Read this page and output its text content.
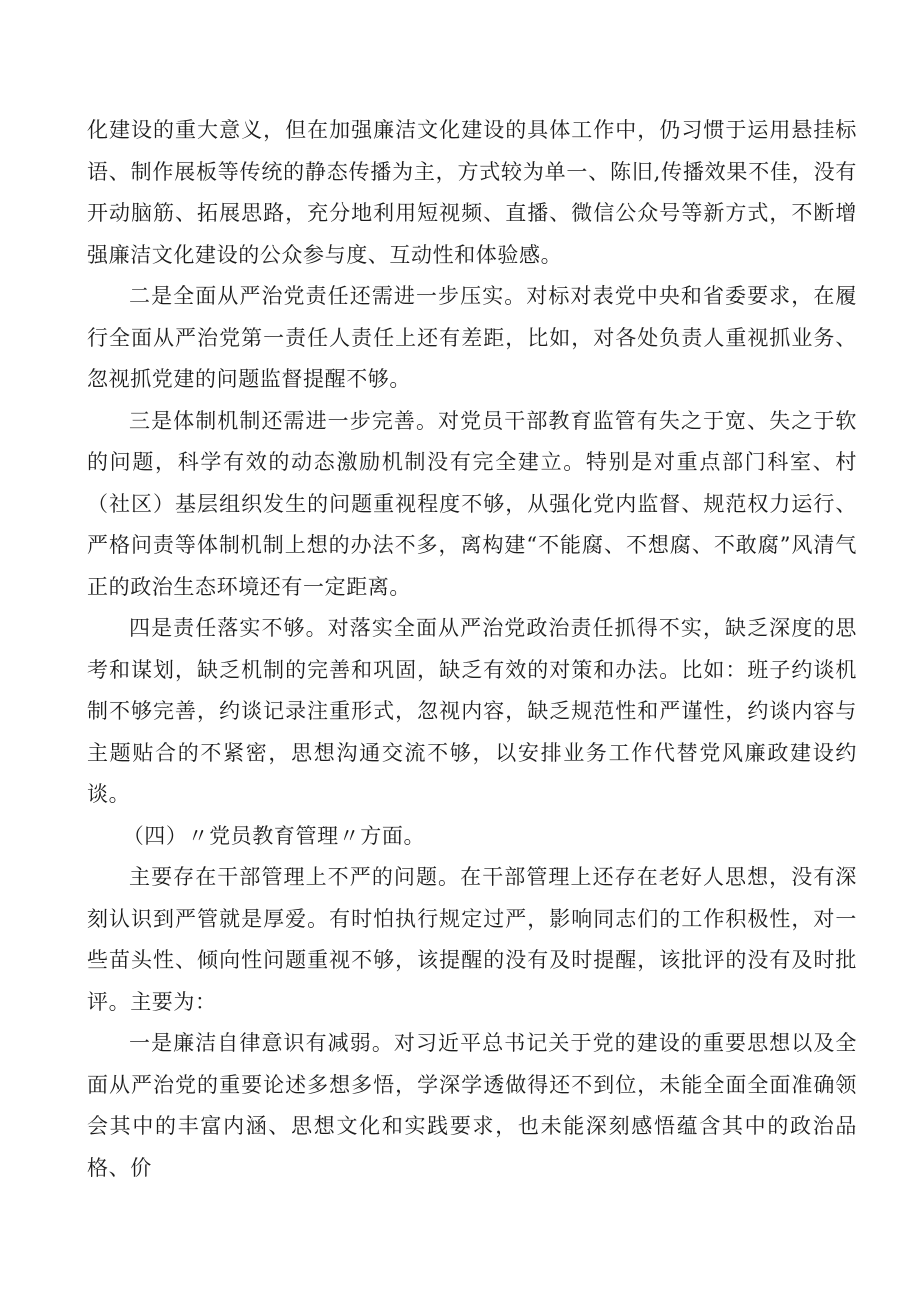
化建设的重大意义，但在加强廉洁文化建设的具体工作中，仍习惯于运用悬挂标语、制作展板等传统的静态传播为主，方式较为单一、陈旧,传播效果不佳，没有开动脑筋、拓展思路，充分地利用短视频、直播、微信公众号等新方式，不断增强廉洁文化建设的公众参与度、互动性和体验感。

二是全面从严治党责任还需进一步压实。对标对表党中央和省委要求，在履行全面从严治党第一责任人责任上还有差距，比如，对各处负责人重视抓业务、忽视抓党建的问题监督提醒不够。

三是体制机制还需进一步完善。对党员干部教育监管有失之于宽、失之于软的问题，科学有效的动态激励机制没有完全建立。特别是对重点部门科室、村（社区）基层组织发生的问题重视程度不够，从强化党内监督、规范权力运行、严格问责等体制机制上想的办法不多，离构建“不能腐、不想腐、不敢腐”风清气正的政治生态环境还有一定距离。

四是责任落实不够。对落实全面从严治党政治责任抓得不实，缺乏深度的思考和谋划，缺乏机制的完善和巩固，缺乏有效的对策和办法。比如：班子约谈机制不够完善，约谈记录注重形式，忽视内容，缺乏规范性和严谨性，约谈内容与主题贴合的不紧密，思想沟通交流不够，以安排业务工作代替党风廉政建设约谈。

（四）〃党员教育管理〃方面。

主要存在干部管理上不严的问题。在干部管理上还存在老好人思想，没有深刻认识到严管就是厚爱。有时怕执行规定过严，影响同志们的工作积极性，对一些苗头性、倾向性问题重视不够，该提醒的没有及时提醒，该批评的没有及时批评。主要为：

一是廉洁自律意识有减弱。对习近平总书记关于党的建设的重要思想以及全面从严治党的重要论述多想多悟，学深学透做得还不到位，未能全面全面准确领会其中的丰富内涵、思想文化和实践要求，也未能深刻感悟蕴含其中的政治品格、价
